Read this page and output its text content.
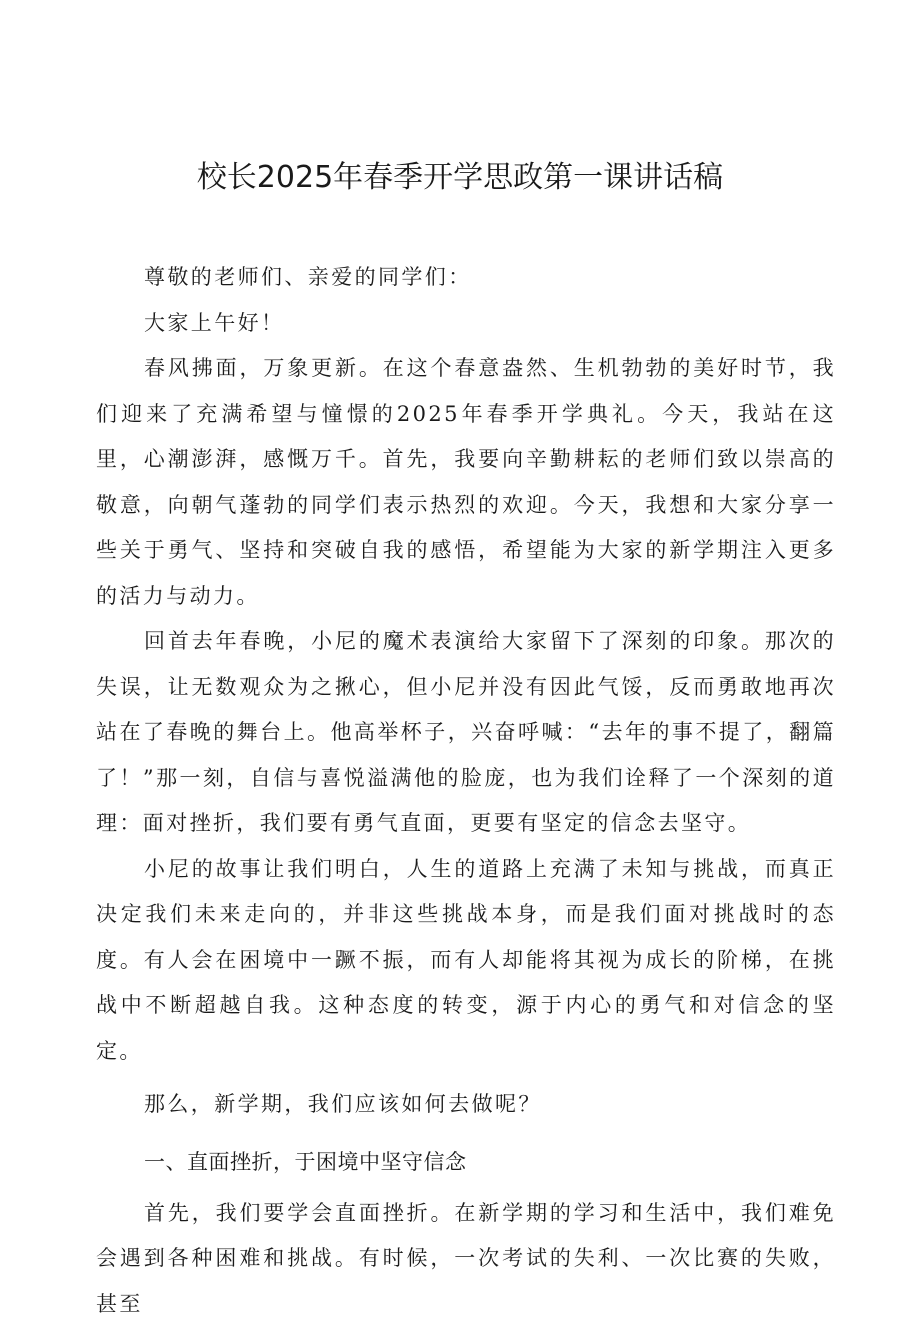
校长2025年春季开学思政第一课讲话稿

尊敬的老师们、亲爱的同学们：

大家上午好！

春风拂面，万象更新。在这个春意盎然、生机勃勃的美好时节，我们迎来了充满希望与憧憬的2025年春季开学典礼。今天，我站在这里，心潮澎湃，感慨万千。首先，我要向辛勤耕耘的老师们致以崇高的敬意，向朝气蓬勃的同学们表示热烈的欢迎。今天，我想和大家分享一些关于勇气、坚持和突破自我的感悟，希望能为大家的新学期注入更多的活力与动力。

回首去年春晚，小尼的魔术表演给大家留下了深刻的印象。那次的失误，让无数观众为之揪心，但小尼并没有因此气馁，反而勇敢地再次站在了春晚的舞台上。他高举杯子，兴奋呼喊：“去年的事不提了，翻篇了！”那一刻，自信与喜悦溢满他的脸庞，也为我们诠释了一个深刻的道理：面对挫折，我们要有勇气直面，更要有坚定的信念去坚守。

小尼的故事让我们明白，人生的道路上充满了未知与挑战，而真正决定我们未来走向的，并非这些挑战本身，而是我们面对挑战时的态度。有人会在困境中一蹶不振，而有人却能将其视为成长的阶梯，在挑战中不断超越自我。这种态度的转变，源于内心的勇气和对信念的坚定。

那么，新学期，我们应该如何去做呢？

一、直面挫折，于困境中坚守信念

首先，我们要学会直面挫折。在新学期的学习和生活中，我们难免会遇到各种困难和挑战。有时候，一次考试的失利、一次比赛的失败，甚至
